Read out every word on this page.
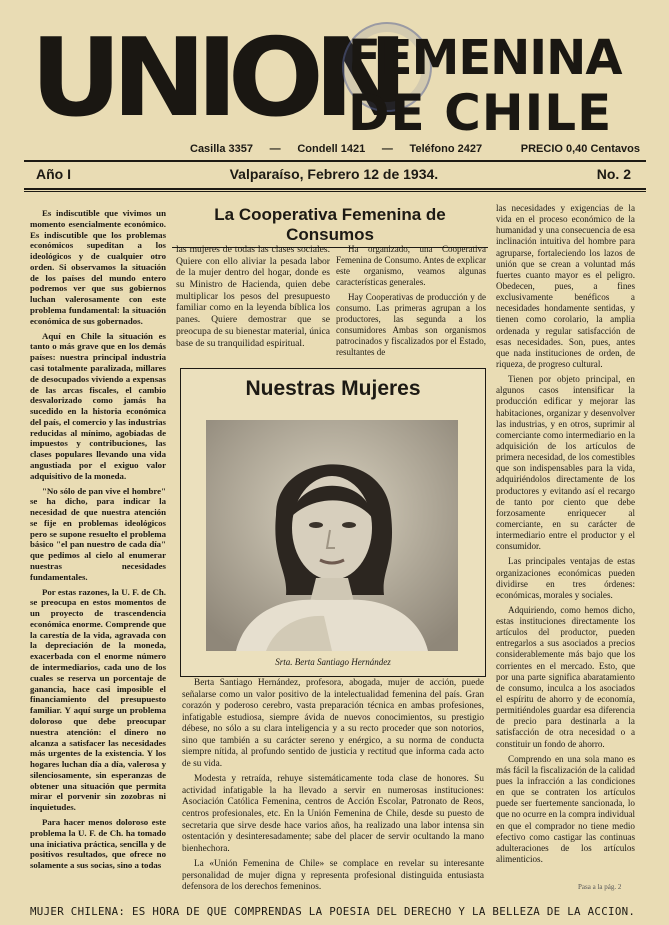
UNION
FEMENINA
DE CHILE
Casilla 3357 — Condell 1421 — Teléfono 2427	PRECIO 0,40 Centavos
Año I	Valparaíso, Febrero 12 de 1934.	No. 2

Es indiscutible que vivimos un momento esencialmente económico. Es indiscutible que los problemas económicos supeditan a los ideológicos y de cualquier otro orden. Si observamos la situación de los países del mundo entero podremos ver que sus gobiernos luchan valerosamente con este problema fundamental: la situación económica de sus gobernados.

Aquí en Chile la situación es tanto o más grave que en los demás países: nuestra principal industria casi totalmente paralizada, millares de desocupados viviendo a expensas de las arcas fiscales, el cambio desvalorizado como jamás ha sucedido en la historia económica del país, el comercio y las industrias reducidas al mínimo, agobiadas de impuestos y contribuciones, las clases populares llevando una vida angustiada por el exiguo valor adquisitivo de la moneda.

"No sólo de pan vive el hombre" se ha dicho, para indicar la necesidad de que nuestra atención se fije en problemas ideológicos pero se supone resuelto el problema básico "el pan nuestro de cada día" que pedimos al cielo al enumerar nuestras necesidades fundamentales.

Por estas razones, la U. F. de Ch. se preocupa en estos momentos de un proyecto de trascendencia económica enorme. Comprende que la carestía de la vida, agravada con la depreciación de la moneda, exacerbada con el enorme número de intermediarios, cada uno de los cuales se reserva un porcentaje de ganancia, hace casi imposible el financiamiento del presupuesto familiar. Y aquí surge un problema doloroso que debe preocupar nuestra atención: el dinero no alcanza a satisfacer las necesidades más urgentes de la existencia. Y los hogares luchan día a día, valerosa y silenciosamente, sin esperanzas de obtener una situación que permita mirar el porvenir sin zozobras ni inquietudes.

Para hacer menos doloroso este problema la U. F. de Ch. ha tomado una iniciativa práctica, sencilla y de positivos resultados, que ofrece no solamente a sus socias, sino a todas

La Cooperativa Femenina de Consumos

las mujeres de todas las clases sociales. Quiere con ello aliviar la pesada labor de la mujer dentro del hogar, donde es su Ministro de Hacienda, quien debe multiplicar los pesos del presupuesto familiar como en la leyenda bíblica los panes. Quiere demostrar que se preocupa de su bienestar material, única base de su tranquilidad espiritual.

Ha organizado, una Cooperativa Femenina de Consumo. Antes de explicar este organismo, veamos algunas características generales.

Hay Cooperativas de producción y de consumo. Las primeras agrupan a los productores, las segunda a los consumidores Ambas son organismos patrocinados y fiscalizados por el Estado, resultantes de

Nuestras Mujeres
Srta. Berta Santiago Hernández

Berta Santiago Hernández, profesora, abogada, mujer de acción, puede señalarse como un valor positivo de la intelectualidad femenina del país. Gran corazón y poderoso cerebro, vasta preparación técnica en ambas profesiones, infatigable estudiosa, siempre ávida de nuevos conocimientos, su prestigio débese, no sólo a su clara inteligencia y a su recto proceder que son notorios, sino que también a su carácter sereno y enérgico, a su norma de conducta siempre nítida, al profundo sentido de justicia y rectitud que informa cada acto de su vida.

Modesta y retraída, rehuye sistemáticamente toda clase de honores. Su actividad infatigable la ha llevado a servir en numerosas instituciones: Asociación Católica Femenina, centros de Acción Escolar, Patronato de Reos, centros profesionales, etc. En la Unión Femenina de Chile, desde su puesto de secretaria que sirve desde hace varios años, ha realizado una labor intensa sin ostentación y desinteresadamente; sabe del placer de servir ocultando la mano bienhechora.

La «Unión Femenina de Chile» se complace en revelar su interesante personalidad de mujer digna y representa profesional distinguida entusiasta defensora de los derechos femeninos.

las necesidades y exigencias de la vida en el proceso económico de la humanidad y una consecuencia de esa inclinación intuitiva del hombre para agruparse, fortaleciendo los lazos de unión que se crean a voluntad más fuertes cuanto mayor es el peligro. Obedecen, pues, a fines exclusivamente benéficos a necesidades hondamente sentidas, y tienen como corolario, la amplia ordenada y regular satisfacción de esas necesidades. Son, pues, antes que nada instituciones de orden, de riqueza, de progreso cultural.

Tienen por objeto principal, en algunos casos intensificar la producción edificar y mejorar las habitaciones, organizar y desenvolver las industrias, y en otros, suprimir al comerciante como intermediario en la adquisición de los artículos de primera necesidad, de los comestibles que son indispensables para la vida, adquiriéndolos directamente de los productores y evitando así el recargo de tanto por ciento que debe forzosamente enriquecer al comerciante, en su carácter de intermediario entre el productor y el consumidor.

Las principales ventajas de estas organizaciones económicas pueden dividirse en tres órdenes: económicas, morales y sociales.

Adquiriendo, como hemos dicho, estas instituciones directamente los artículos del productor, pueden entregarlos a sus asociados a precios considerablemente más bajo que los corrientes en el mercado. Esto, que por una parte significa abaratamiento de consumo, inculca a los asociados el espíritu de ahorro y de economía, permitiéndoles guardar esa diferencia de precio para destinarla a la satisfacción de otra necesidad o a constituir un fondo de ahorro.

Comprendo en una sola mano es más fácil la fiscalización de la calidad pues la infracción a las condiciones en que se contraten los artículos puede ser fuertemente sancionada, lo que no ocurre en la compra individual en que el comprador no tiene medio efectivo como castigar las continuas adulteraciones de los artículos alimenticios.

Pasa a la pág. 2
MUJER CHILENA: ES HORA DE QUE COMPRENDAS LA POESIA DEL DERECHO Y LA BELLEZA DE LA ACCION.
